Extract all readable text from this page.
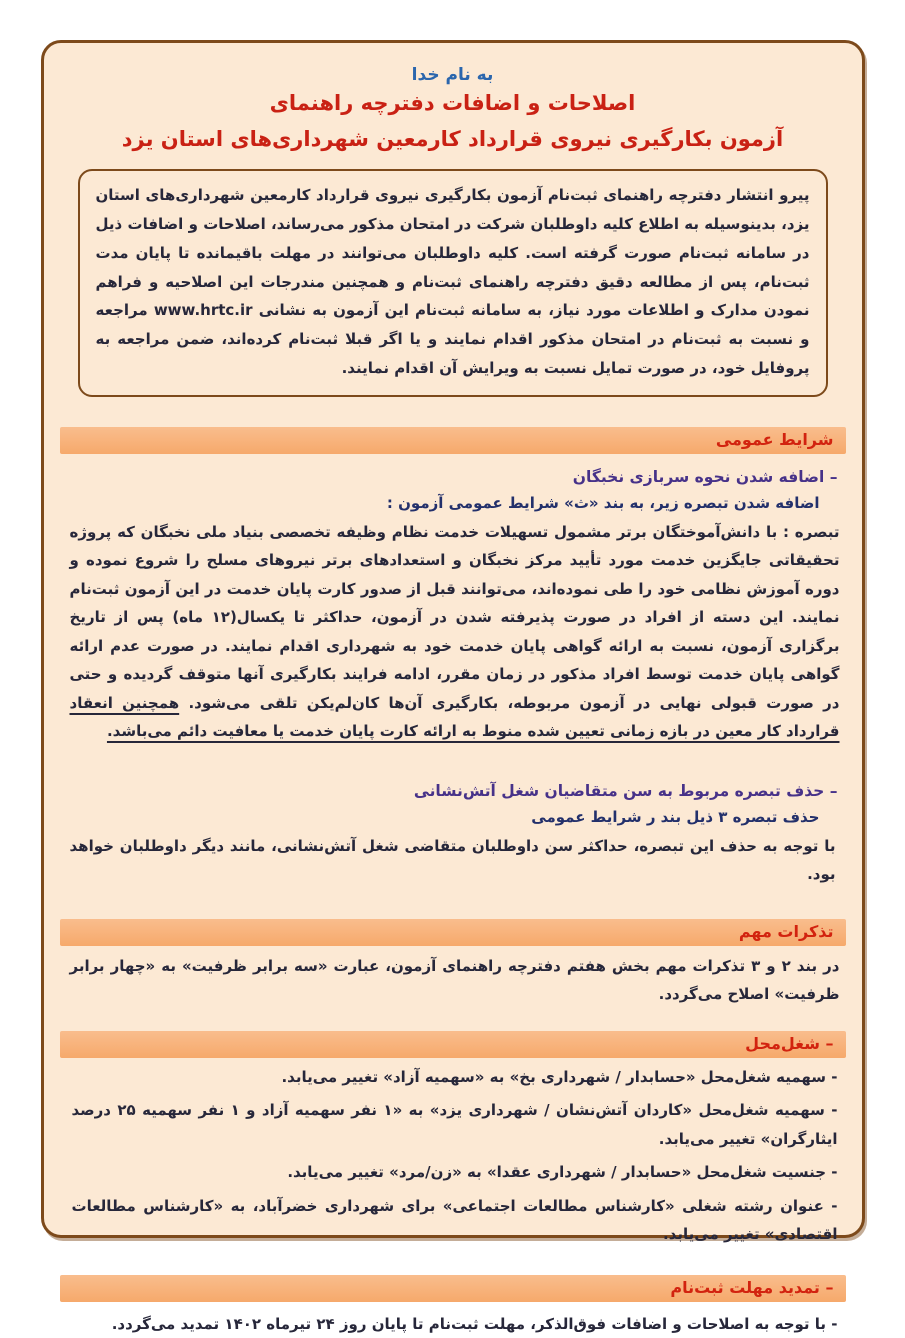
به نام خدا
اصلاحات و اضافات دفترچه راهنمای
آزمون بکارگیری نیروی قرارداد کارمعین شهرداری‌های استان یزد
پیرو انتشار دفترچه راهنمای ثبت‌نام آزمون بکارگیری نیروی قرارداد کارمعین شهرداری‌های استان یزد، بدینوسیله به اطلاع کلیه داوطلبان شرکت در امتحان مذکور می‌رساند، اصلاحات و اضافات ذیل در سامانه ثبت‌نام صورت گرفته است. کلیه داوطلبان می‌توانند در مهلت باقیمانده تا پایان مدت ثبت‌نام، پس از مطالعه دقیق دفترچه راهنمای ثبت‌نام و همچنین مندرجات این اصلاحیه و فراهم نمودن مدارک و اطلاعات مورد نیاز، به سامانه ثبت‌نام این آزمون به نشانی www.hrtc.ir مراجعه و نسبت به ثبت‌نام در امتحان مذکور اقدام نمایند و یا اگر قبلا ثبت‌نام کرده‌اند، ضمن مراجعه به پروفایل خود، در صورت تمایل نسبت به ویرایش آن اقدام نمایند.
شرایط عمومی
– اضافه شدن نحوه سربازی نخبگان
اضافه شدن تبصره زیر، به بند «ث» شرایط عمومی آزمون :
تبصره : با دانش‌آموختگان برتر مشمول تسهیلات خدمت نظام وظیفه تخصصی بنیاد ملی نخبگان که پروژه تحقیقاتی جایگزین خدمت مورد تأیید مرکز نخبگان و استعدادهای برتر نیروهای مسلح را شروع نموده و دوره آموزش نظامی خود را طی نموده‌اند، می‌توانند قبل از صدور کارت پایان خدمت در این آزمون ثبت‌نام نمایند. این دسته از افراد در صورت پذیرفته شدن در آزمون، حداکثر تا یکسال(۱۲ ماه) پس از تاریخ برگزاری آزمون، نسبت به ارائه گواهی پایان خدمت خود به شهرداری اقدام نمایند. در صورت عدم ارائه گواهی پایان خدمت توسط افراد مذکور در زمان مقرر، ادامه فرایند بکارگیری آنها متوقف گردیده و حتی در صورت قبولی نهایی در آزمون مربوطه، بکارگیری آن‌ها کان‌لم‌یکن تلقی می‌شود. همچنین انعقاد قرارداد کار معین در بازه زمانی تعیین شده منوط به ارائه کارت پایان خدمت یا معافیت دائم می‌باشد.
– حذف تبصره مربوط به سن متقاضیان شغل آتش‌نشانی
حذف تبصره ۳ ذیل بند ر شرایط عمومی
با توجه به حذف این تبصره، حداکثر سن داوطلبان متقاضی شغل آتش‌نشانی، مانند دیگر داوطلبان خواهد بود.
تذکرات مهم
در بند ۲ و ۳ تذکرات مهم بخش هفتم دفترچه راهنمای آزمون، عبارت «سه برابر ظرفیت» به «چهار برابر ظرفیت» اصلاح می‌گردد.
– شغل‌محل
- سهمیه شغل‌محل «حسابدار / شهرداری بخ» به «سهمیه آزاد» تغییر می‌یابد.
- سهمیه شغل‌محل «کاردان آتش‌نشان / شهرداری یزد» به «۱ نفر سهمیه آزاد و ۱ نفر سهمیه ۲۵ درصد ایثارگران» تغییر می‌یابد.
- جنسیت شغل‌محل «حسابدار / شهرداری عقدا» به «زن/مرد» تغییر می‌یابد.
- عنوان رشته شغلی «کارشناس مطالعات اجتماعی» برای شهرداری خضرآباد، به «کارشناس مطالعات اقتصادی» تغییر می‌یابد.
– تمدید مهلت ثبت‌نام
- با توجه به اصلاحات و اضافات فوق‌الذکر، مهلت ثبت‌نام تا پایان روز ۲۴ تیرماه ۱۴۰۲ تمدید می‌گردد.
